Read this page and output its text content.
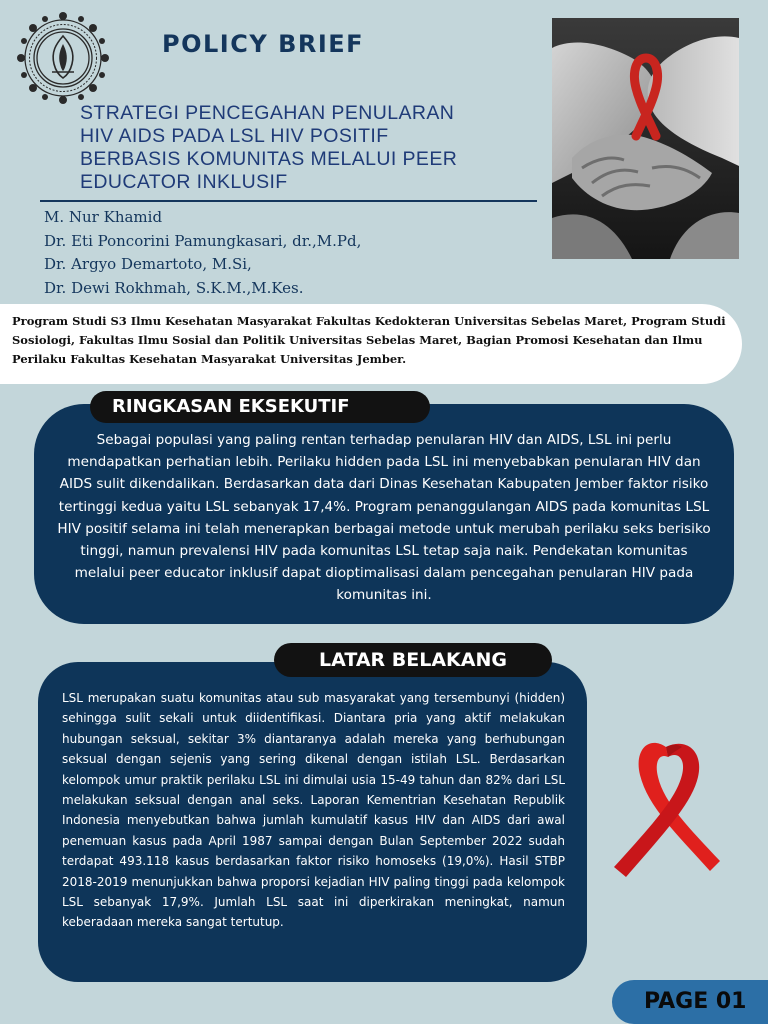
POLICY BRIEF
STRATEGI PENCEGAHAN PENULARAN
HIV AIDS PADA LSL HIV POSITIF
BERBASIS KOMUNITAS MELALUI PEER
EDUCATOR INKLUSIF
M. Nur Khamid
Dr. Eti Poncorini Pamungkasari, dr.,M.Pd,
Dr. Argyo Demartoto, M.Si,
Dr. Dewi Rokhmah, S.K.M.,M.Kes.
Program Studi S3 Ilmu Kesehatan Masyarakat Fakultas Kedokteran Universitas Sebelas Maret, Program Studi Sosiologi, Fakultas Ilmu Sosial dan Politik Universitas Sebelas Maret, Bagian Promosi Kesehatan dan Ilmu Perilaku Fakultas Kesehatan Masyarakat Universitas Jember.
Sebagai populasi yang paling rentan terhadap penularan HIV dan AIDS, LSL ini perlu mendapatkan perhatian lebih. Perilaku hidden pada LSL ini menyebabkan penularan HIV dan AIDS sulit dikendalikan. Berdasarkan data dari Dinas Kesehatan Kabupaten Jember faktor risiko tertinggi kedua yaitu LSL sebanyak 17,4%. Program penanggulangan AIDS pada komunitas LSL HIV positif selama ini telah menerapkan berbagai metode untuk merubah perilaku seks berisiko tinggi, namun prevalensi HIV pada komunitas LSL tetap saja naik. Pendekatan komunitas melalui peer educator inklusif dapat dioptimalisasi dalam pencegahan penularan HIV pada komunitas ini.
RINGKASAN EKSEKUTIF
LSL merupakan suatu komunitas atau sub masyarakat yang tersembunyi (hidden) sehingga sulit sekali untuk diidentifikasi. Diantara pria yang aktif melakukan hubungan seksual, sekitar 3% diantaranya adalah mereka yang berhubungan seksual dengan sejenis yang sering dikenal dengan istilah LSL. Berdasarkan kelompok umur praktik perilaku LSL ini dimulai usia 15-49 tahun dan 82% dari LSL melakukan seksual dengan anal seks. Laporan Kementrian Kesehatan Republik Indonesia menyebutkan bahwa jumlah kumulatif kasus HIV dan AIDS dari awal penemuan kasus pada April 1987 sampai dengan Bulan September 2022 sudah terdapat 493.118 kasus berdasarkan faktor risiko homoseks (19,0%). Hasil STBP 2018-2019 menunjukkan bahwa proporsi kejadian HIV paling tinggi pada kelompok LSL sebanyak 17,9%. Jumlah LSL saat ini diperkirakan meningkat, namun keberadaan mereka sangat tertutup.
LATAR BELAKANG
PAGE 01
